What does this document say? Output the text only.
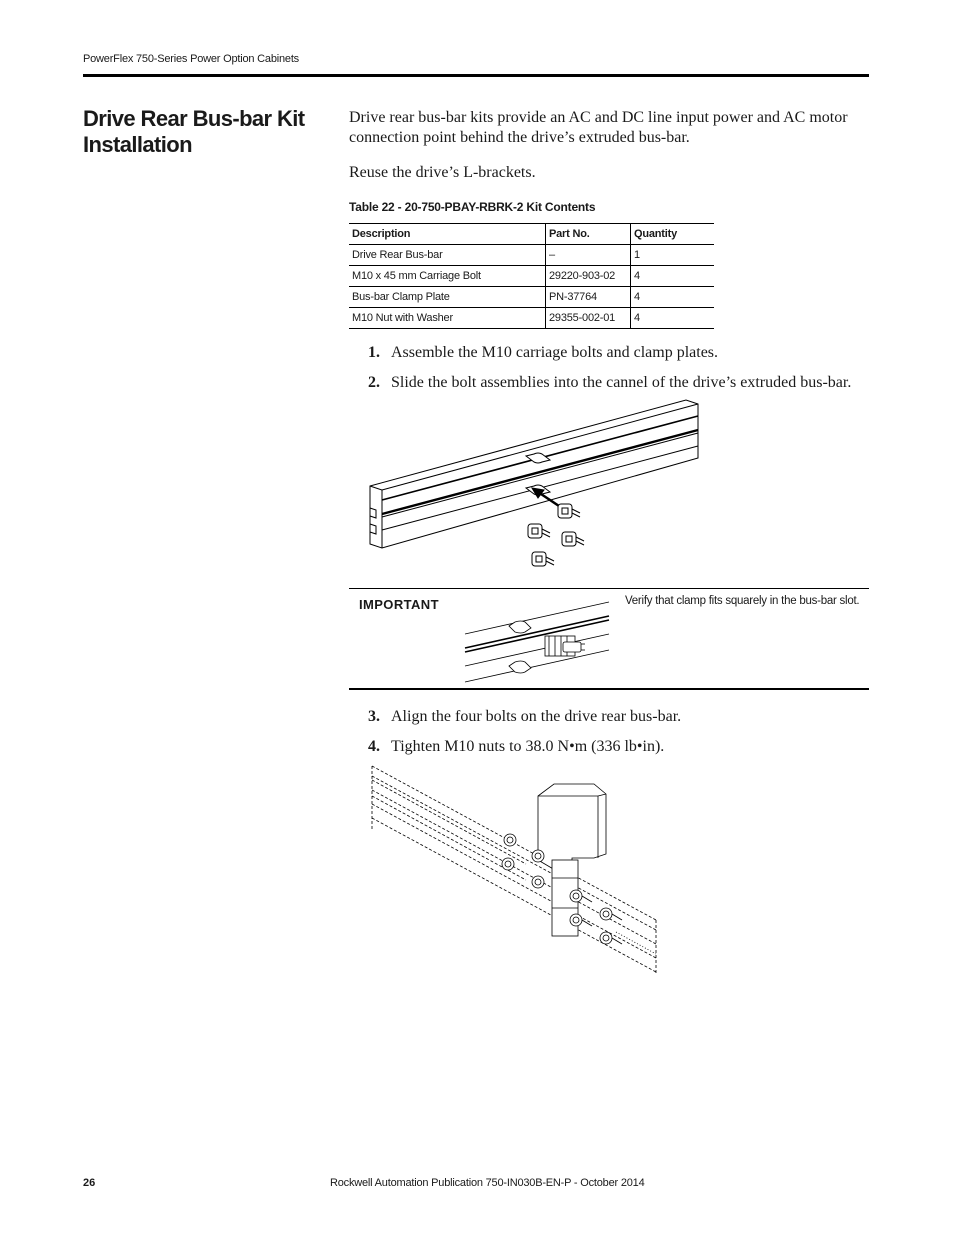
PowerFlex 750-Series Power Option Cabinets
Drive Rear Bus-bar Kit Installation
Drive rear bus-bar kits provide an AC and DC line input power and AC motor connection point behind the drive’s extruded bus-bar.
Reuse the drive’s L-brackets.
Table 22 - 20-750-PBAY-RBRK-2 Kit Contents
Description	Part No.	Quantity
Drive Rear Bus-bar	–	1
M10 x 45 mm Carriage Bolt	29220-903-02	4
Bus-bar Clamp Plate	PN-37764	4
M10 Nut with Washer	29355-002-01	4
1. Assemble the M10 carriage bolts and clamp plates.
2. Slide the bolt assemblies into the cannel of the drive’s extruded bus-bar.
IMPORTANT	Verify that clamp fits squarely in the bus-bar slot.
3. Align the four bolts on the drive rear bus-bar.
4. Tighten M10 nuts to 38.0 N•m (336 lb•in).
26	Rockwell Automation Publication 750-IN030B-EN-P - October 2014
